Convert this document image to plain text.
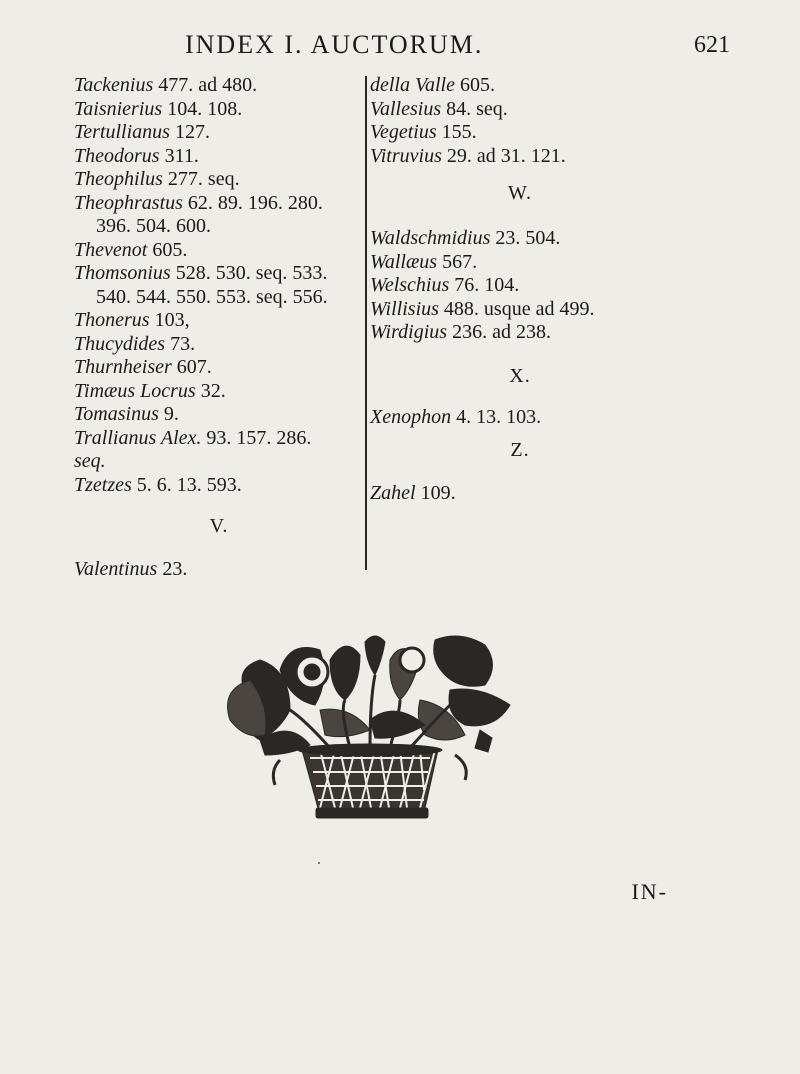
INDEX I. AUCTORUM.	621
Tackenius 477. ad 480.
Taisnierius 104. 108.
Tertullianus 127.
Theodorus 311.
Theophilus 277. seq.
Theophrastus 62. 89. 196. 280.
396. 504. 600.
Thevenot 605.
Thomsonius 528. 530. seq. 533.
540. 544. 550. 553. seq. 556.
Thonerus 103,
Thucydides 73.
Thurnheiser 607.
Timæus Locrus 32.
Tomasinus 9.
Trallianus Alex. 93. 157. 286.
seq.
Tzetzes 5. 6. 13. 593.
V.
Valentinus 23.
della Valle 605.
Vallesius 84. seq.
Vegetius 155.
Vitruvius 29. ad 31. 121.
W.
Waldschmidius 23. 504.
Wallæus 567.
Welschius 76. 104.
Willisius 488. usque ad 499.
Wirdigius 236. ad 238.
X.
Xenophon 4. 13. 103.
Z.
Zahel 109.
IN-
